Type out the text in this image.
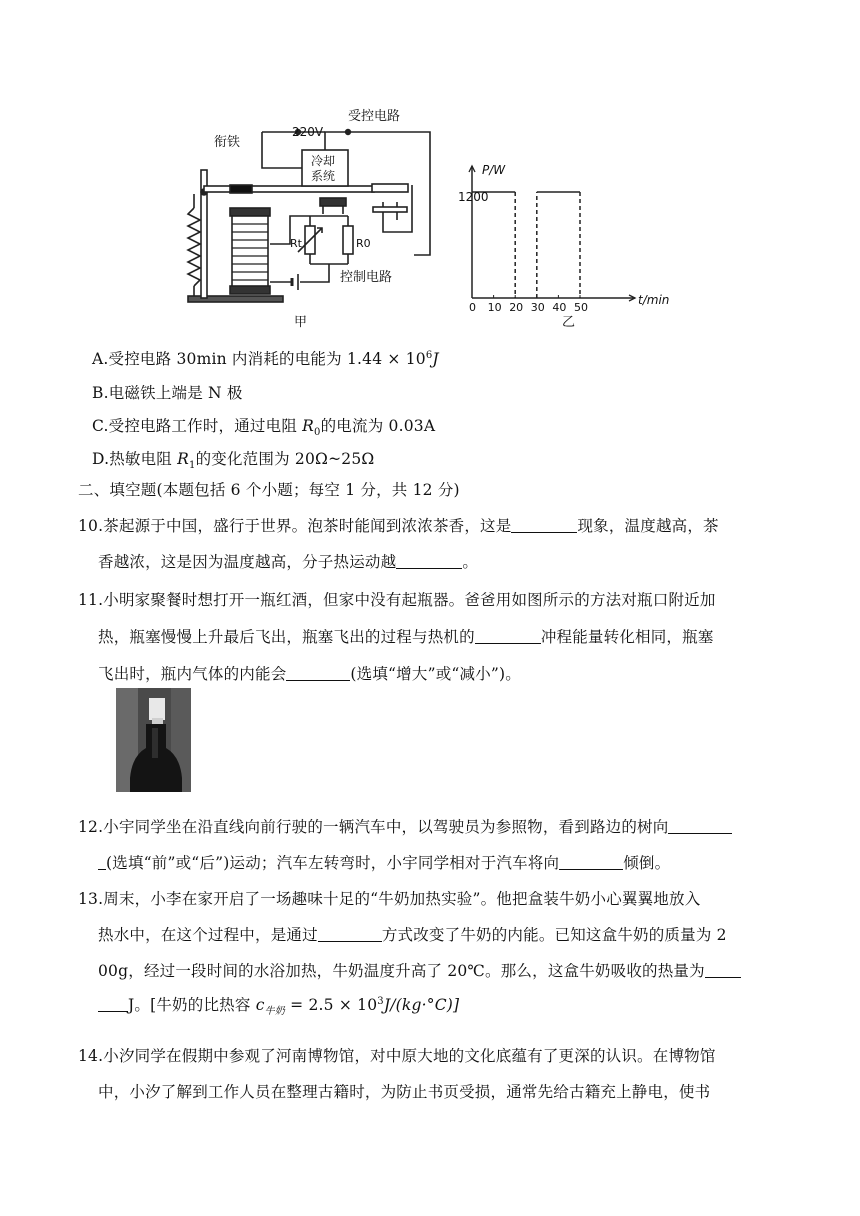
衔铁
220V
受控电路
冷却
系统
Rt	R0
控制电路
甲
0 10 20 30 40 50
P/W
t/min
1200
乙
A.受控电路 30min 内消耗的电能为 $1.44 \times 10^6J$
B.电磁铁上端是 N 极
C.受控电路工作时，通过电阻 $R_0$的电流为 0.03A
D.热敏电阻 $R_1$的变化范围为 20Ω~25Ω
二、填空题(本题包括 6 个小题；每空 1 分，共 12 分)
10.茶起源于中国，盛行于世界。泡茶时能闻到浓浓茶香，这是	现象，温度越高，茶
香越浓，这是因为温度越高，分子热运动越	。
11.小明家聚餐时想打开一瓶红酒，但家中没有起瓶器。爸爸用如图所示的方法对瓶口附近加
热，瓶塞慢慢上升最后飞出，瓶塞飞出的过程与热机的	冲程能量转化相同，瓶塞
飞出时，瓶内气体的内能会	(选填“增大”或“减小”)。
12.小宇同学坐在沿直线向前行驶的一辆汽车中，以驾驶员为参照物，看到路边的树向
(选填“前”或“后”)运动；汽车左转弯时，小宇同学相对于汽车将向	倾倒。
13.周末，小李在家开启了一场趣味十足的“牛奶加热实验”。他把盒装牛奶小心翼翼地放入
热水中，在这个过程中，是通过	方式改变了牛奶的内能。已知这盒牛奶的质量为 2
00g，经过一段时间的水浴加热，牛奶温度升高了 20℃。那么，这盒牛奶吸收的热量为
J。[牛奶的比热容 $c_{牛奶} = 2.5 \times 10^3J/(kg\cdot^\circ C)$]
14.小汐同学在假期中参观了河南博物馆，对中原大地的文化底蕴有了更深的认识。在博物馆
中，小汐了解到工作人员在整理古籍时，为防止书页受损，通常先给古籍充上静电，使书
